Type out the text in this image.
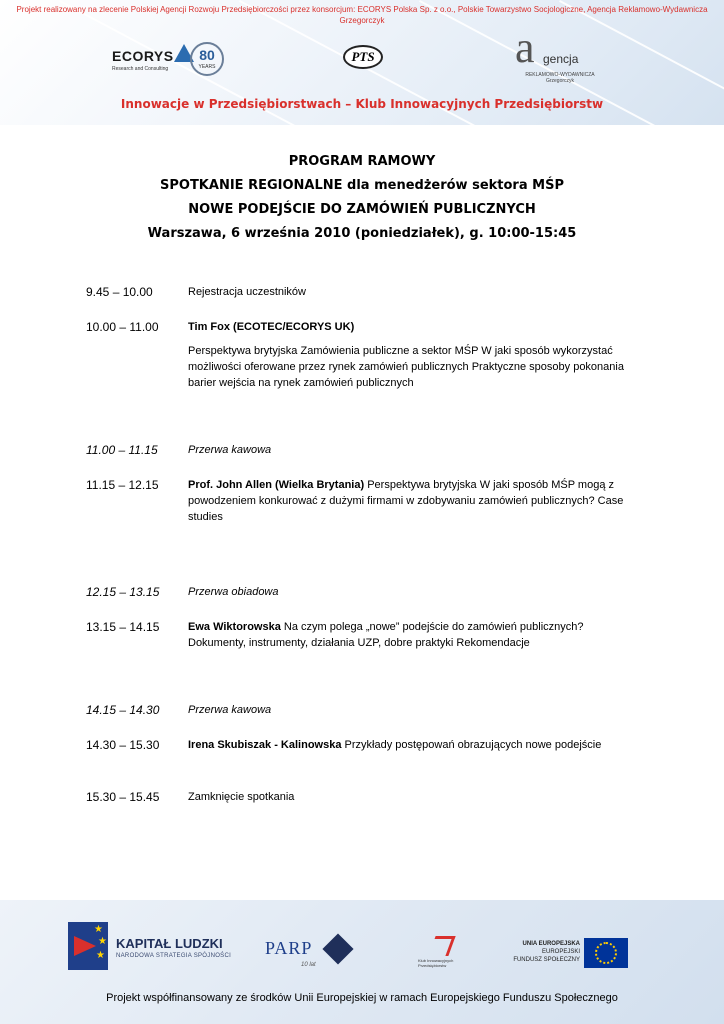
Projekt realizowany na zlecenie Polskiej Agencji Rozwoju Przedsiębiorczości przez konsorcjum: ECORYS Polska Sp. z o.o., Polskie Towarzystwo Socjologiczne, Agencja Reklamowo-Wydawnicza Grzegorczyk
ECORYS
Research and Consulting
80
YEARS
PTS	a gencja
REKLAMOWO-WYDAWNICZA Grzegorczyk
Innowacje w Przedsiębiorstwach – Klub Innowacyjnych Przedsiębiorstw
PROGRAM RAMOWY
SPOTKANIE REGIONALNE dla menedżerów sektora MŚP
NOWE PODEJŚCIE DO ZAMÓWIEŃ PUBLICZNYCH
Warszawa, 6 września 2010 (poniedziałek), g. 10:00-15:45
9.45 – 10.00	Rejestracja uczestników
10.00 – 11.00	Tim Fox (ECOTEC/ECORYS UK)
Perspektywa brytyjska Zamówienia publiczne a sektor MŚP W jaki sposób wykorzystać możliwości oferowane przez rynek zamówień publicznych Praktyczne sposoby pokonania barier wejścia na rynek zamówień publicznych
11.00 – 11.15	Przerwa kawowa
11.15 – 12.15	Prof. John Allen (Wielka Brytania) Perspektywa brytyjska W jaki sposób MŚP mogą z powodzeniem konkurować z dużymi firmami w zdobywaniu zamówień publicznych? Case studies
12.15 – 13.15	Przerwa obiadowa
13.15 – 14.15	Ewa Wiktorowska Na czym polega „nowe” podejście do zamówień publicznych? Dokumenty, instrumenty, działania UZP, dobre praktyki Rekomendacje
14.15 – 14.30	Przerwa kawowa
14.30 – 15.30	Irena Skubiszak - Kalinowska Przykłady postępowań obrazujących nowe podejście
15.30 – 15.45	Zamknięcie spotkania
★
★
★
KAPITAŁ LUDZKI
NARODOWA STRATEGIA SPÓJNOŚCI PARP
10 lat
Klub Innowacyjnych Przedsiębiorstw
UNIA EUROPEJSKA
EUROPEJSKI
FUNDUSZ SPOŁECZNY
Projekt współfinansowany ze środków Unii Europejskiej w ramach Europejskiego Funduszu Społecznego
